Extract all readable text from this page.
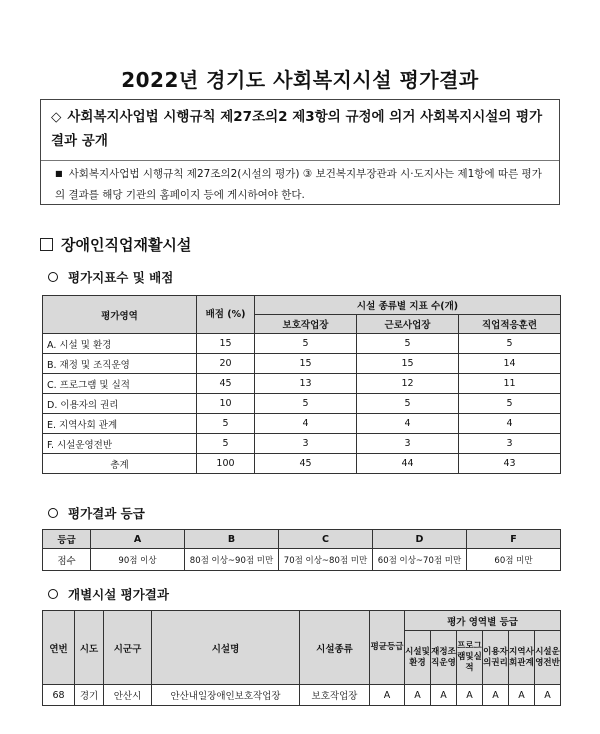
2022년 경기도 사회복지시설 평가결과
◇ 사회복지사업법 시행규칙 제27조의2 제3항의 규정에 의거 사회복지시설의 평가결과 공개
■ 사회복지사업법 시행규칙 제27조의2(시설의 평가) ③ 보건복지부장관과 시·도지사는 제1항에 따른 평가의 결과를 해당 기관의 홈페이지 등에 게시하여야 한다.
장애인직업재활시설
평가지표수 및 배점
평가영역	배점 (%)	시설 종류별 지표 수(개)		
		보호작업장	근로사업장	직업적응훈련
A. 시설 및 환경	15	5	5	5
B. 재정 및 조직운영	20	15	15	14
C. 프로그램 및 실적	45	13	12	11
D. 이용자의 권리	10	5	5	5
E. 지역사회 관계	5	4	4	4
F. 시설운영전반	5	3	3	3
총계	100	45	44	43
평가결과 등급
등급	A	B	C	D	F
점수	90점 이상	80점 이상~90점 미만	70점 이상~80점 미만	60점 이상~70점 미만	60점 미만
개별시설 평가결과
연번	시도	시군구	시설명	시설종류	평균등급	평가 영역별 등급					
						시설및환경	재정조직운영	프로그램및실적	이용자의권리	지역사회관계	시설운영전반
68	경기	안산시	안산내일장애인보호작업장	보호작업장	A	A	A	A	A	A	A
